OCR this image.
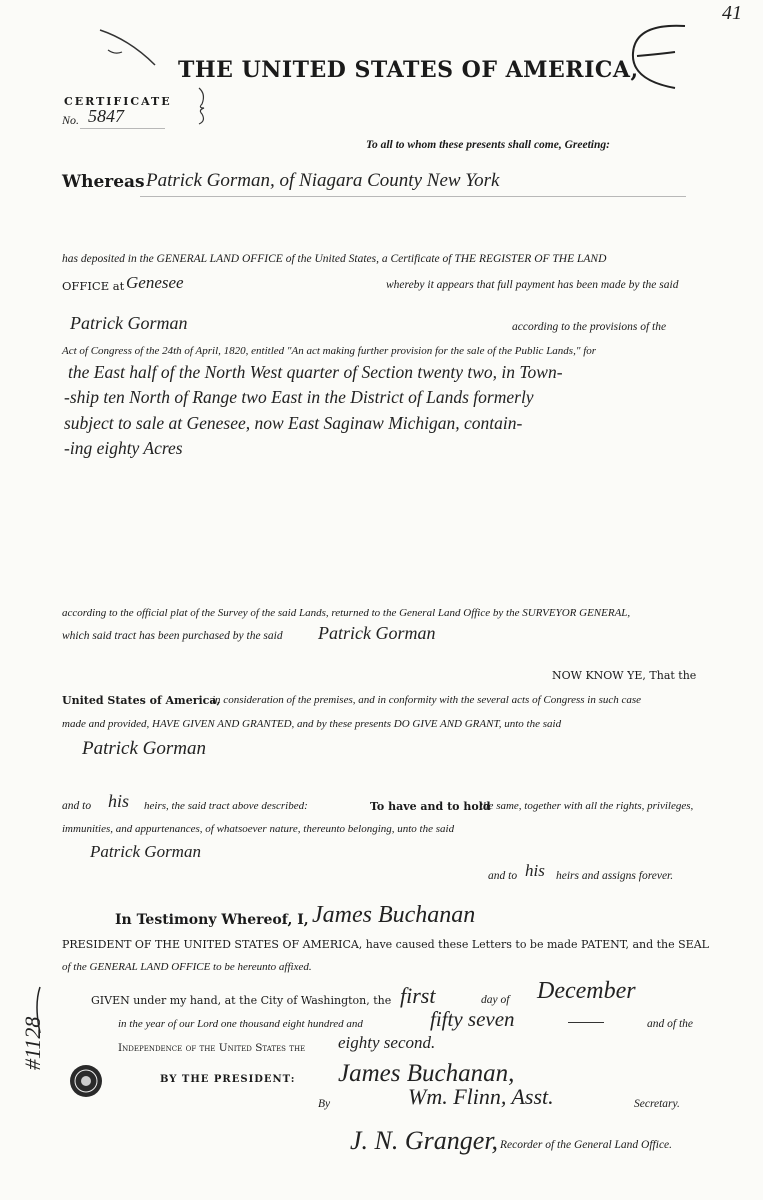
41
THE UNITED STATES OF AMERICA,
CERTIFICATE
No. 5847
To all to whom these presents shall come, Greeting:
Whereas Patrick Gorman, of Niagara County New York
has deposited in the GENERAL LAND OFFICE of the United States, a Certificate of THE REGISTER OF THE LAND
OFFICE at Genesee	whereby it appears that full payment has been made by the said
Patrick Gorman	according to the provisions of the
Act of Congress of the 24th of April, 1820, entitled "An act making further provision for the sale of the Public Lands," for
the East half of the North West quarter of Section twenty two, in Town-
-ship ten North of Range two East in the District of Lands formerly
subject to sale at Genesee, now East Saginaw Michigan, contain-
-ing eighty Acres
according to the official plat of the Survey of the said Lands, returned to the General Land Office by the SURVEYOR GENERAL,
which said tract has been purchased by the said Patrick Gorman
NOW KNOW YE, That the
United States of America,
in consideration of the premises, and in conformity with the several acts of Congress in such case
made and provided, HAVE GIVEN AND GRANTED, and by these presents DO GIVE AND GRANT, unto the said
Patrick Gorman
and to his heirs, the said tract above described:	To have and to hold
the same, together with all the rights, privileges,
immunities, and appurtenances, of whatsoever nature, thereunto belonging, unto the said
Patrick Gorman
and to his heirs and assigns forever.
In Testimony Whereof, I, James Buchanan
PRESIDENT OF THE UNITED STATES OF AMERICA, have caused these Letters to be made PATENT, and the SEAL
of the GENERAL LAND OFFICE to be hereunto affixed.
GIVEN under my hand, at the City of Washington, the first	day of December
in the year of our Lord one thousand eight hundred and	fifty seven	and of the
Independence of the United States the eighty second.
BY THE PRESIDENT: James Buchanan,
By	Wm. Flinn, Asst.	Secretary.
J. N. Granger, Recorder of the General Land Office.
#1128
